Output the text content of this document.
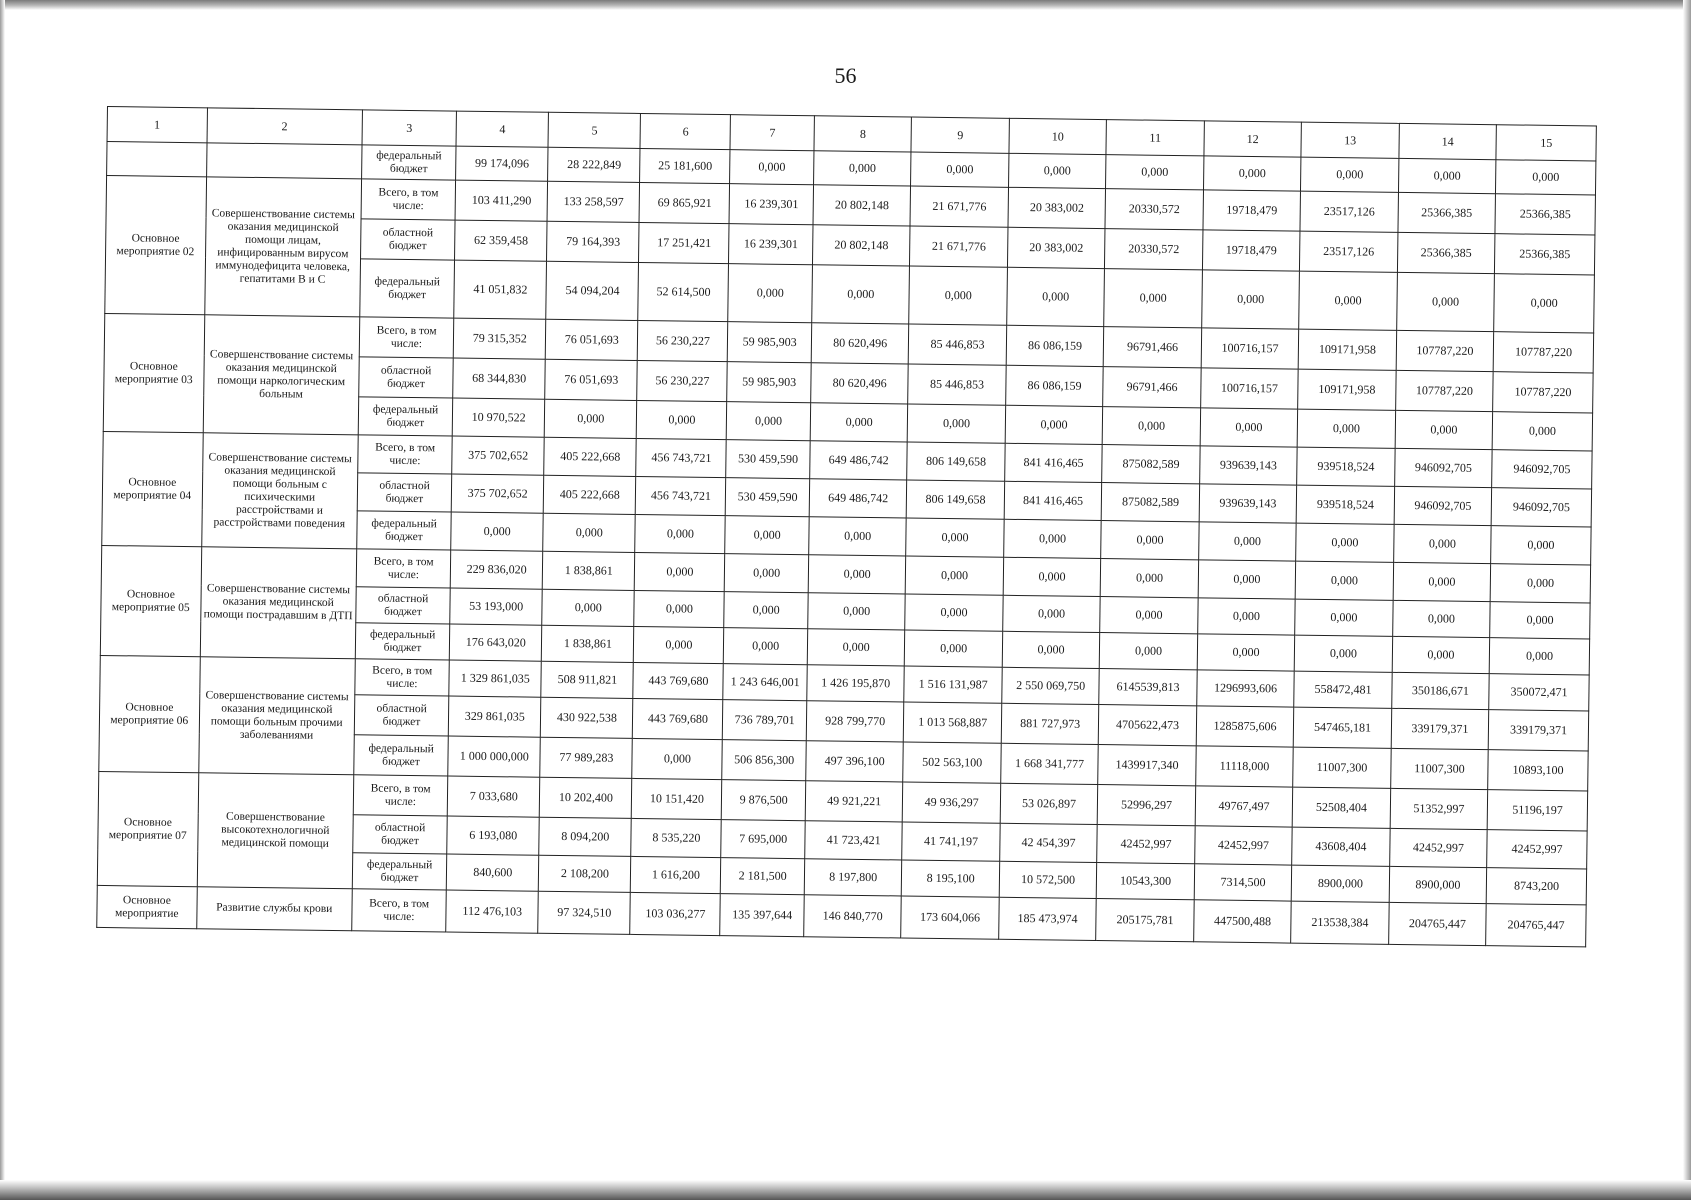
56
1	2	3	4	5	6	7	8	9	10	11	12	13	14	15
		федеральный бюджет	99 174,096	28 222,849	25 181,600	0,000	0,000	0,000	0,000	0,000	0,000	0,000	0,000	0,000
Основное мероприятие 02	Совершенствование системы оказания медицинской помощи лицам, инфицированным вирусом иммунодефицита человека, гепатитами В и С	Всего, в том числе:	103 411,290	133 258,597	69 865,921	16 239,301	20 802,148	21 671,776	20 383,002	20330,572	19718,479	23517,126	25366,385	25366,385
		областной бюджет	62 359,458	79 164,393	17 251,421	16 239,301	20 802,148	21 671,776	20 383,002	20330,572	19718,479	23517,126	25366,385	25366,385
		федеральный бюджет	41 051,832	54 094,204	52 614,500	0,000	0,000	0,000	0,000	0,000	0,000	0,000	0,000	0,000
Основное мероприятие 03	Совершенствование системы оказания медицинской помощи наркологическим больным	Всего, в том числе:	79 315,352	76 051,693	56 230,227	59 985,903	80 620,496	85 446,853	86 086,159	96791,466	100716,157	109171,958	107787,220	107787,220
		областной бюджет	68 344,830	76 051,693	56 230,227	59 985,903	80 620,496	85 446,853	86 086,159	96791,466	100716,157	109171,958	107787,220	107787,220
		федеральный бюджет	10 970,522	0,000	0,000	0,000	0,000	0,000	0,000	0,000	0,000	0,000	0,000	0,000
Основное мероприятие 04	Совершенствование системы оказания медицинской помощи больным с психическими расстройствами и расстройствами поведения	Всего, в том числе:	375 702,652	405 222,668	456 743,721	530 459,590	649 486,742	806 149,658	841 416,465	875082,589	939639,143	939518,524	946092,705	946092,705
		областной бюджет	375 702,652	405 222,668	456 743,721	530 459,590	649 486,742	806 149,658	841 416,465	875082,589	939639,143	939518,524	946092,705	946092,705
		федеральный бюджет	0,000	0,000	0,000	0,000	0,000	0,000	0,000	0,000	0,000	0,000	0,000	0,000
Основное мероприятие 05	Совершенствование системы оказания медицинской помощи пострадавшим в ДТП	Всего, в том числе:	229 836,020	1 838,861	0,000	0,000	0,000	0,000	0,000	0,000	0,000	0,000	0,000	0,000
		областной бюджет	53 193,000	0,000	0,000	0,000	0,000	0,000	0,000	0,000	0,000	0,000	0,000	0,000
		федеральный бюджет	176 643,020	1 838,861	0,000	0,000	0,000	0,000	0,000	0,000	0,000	0,000	0,000	0,000
Основное мероприятие 06	Совершенствование системы оказания медицинской помощи больным прочими заболеваниями	Всего, в том числе:	1 329 861,035	508 911,821	443 769,680	1 243 646,001	1 426 195,870	1 516 131,987	2 550 069,750	6145539,813	1296993,606	558472,481	350186,671	350072,471
		областной бюджет	329 861,035	430 922,538	443 769,680	736 789,701	928 799,770	1 013 568,887	881 727,973	4705622,473	1285875,606	547465,181	339179,371	339179,371
		федеральный бюджет	1 000 000,000	77 989,283	0,000	506 856,300	497 396,100	502 563,100	1 668 341,777	1439917,340	11118,000	11007,300	11007,300	10893,100
Основное мероприятие 07	Совершенствование высокотехнологичной медицинской помощи	Всего, в том числе:	7 033,680	10 202,400	10 151,420	9 876,500	49 921,221	49 936,297	53 026,897	52996,297	49767,497	52508,404	51352,997	51196,197
		областной бюджет	6 193,080	8 094,200	8 535,220	7 695,000	41 723,421	41 741,197	42 454,397	42452,997	42452,997	43608,404	42452,997	42452,997
		федеральный бюджет	840,600	2 108,200	1 616,200	2 181,500	8 197,800	8 195,100	10 572,500	10543,300	7314,500	8900,000	8900,000	8743,200
Основное мероприятие	Развитие службы крови	Всего, в том числе:	112 476,103	97 324,510	103 036,277	135 397,644	146 840,770	173 604,066	185 473,974	205175,781	447500,488	213538,384	204765,447	204765,447
